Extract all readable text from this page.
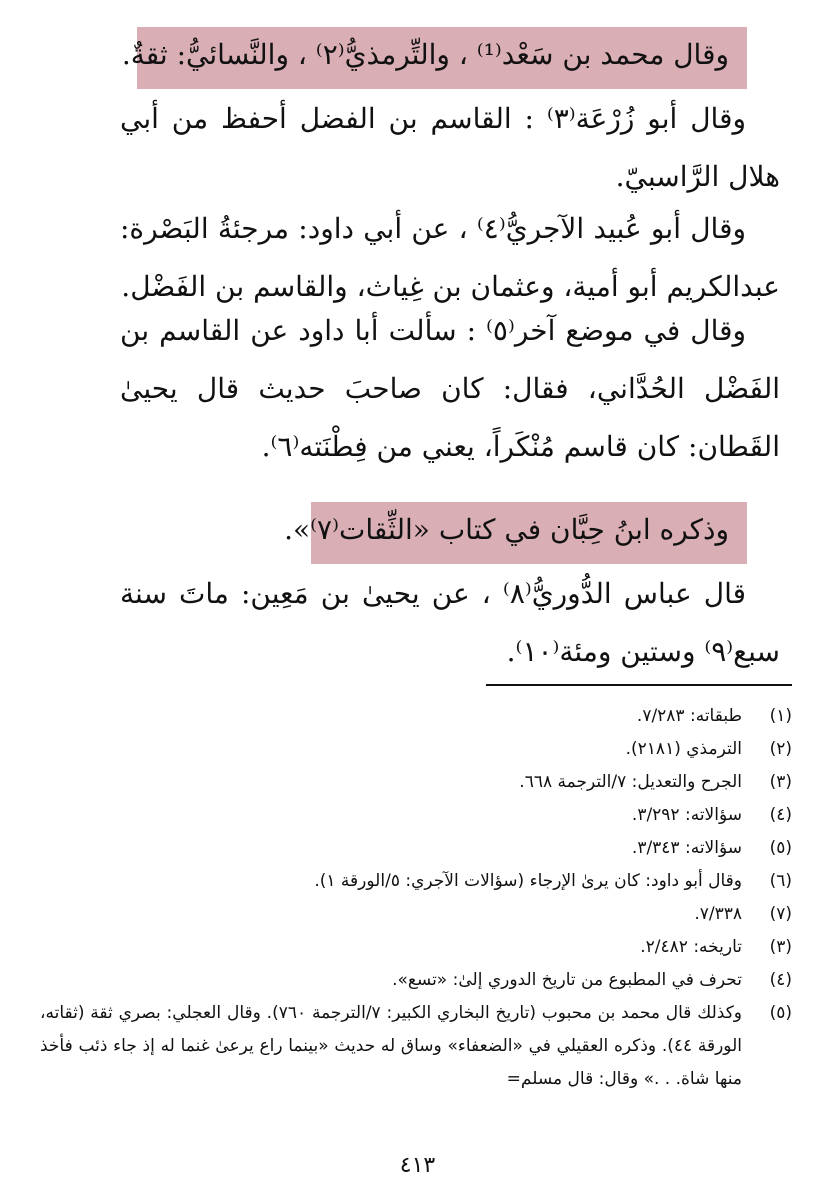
وقال محمد بن سَعْد⁽¹⁾ ، والتِّرمذيُّ⁽٢⁾ ، والنَّسائيُّ: ثقةٌ.
وقال أبو زُرْعَة⁽٣⁾ : القاسم بن الفضل أحفظ من أبي هلال الرَّاسبيّ.
وقال أبو عُبيد الآجريُّ⁽٤⁾ ، عن أبي داود: مرجئةُ البَصْرة: عبدالكريم أبو أمية، وعثمان بن غِياث، والقاسم بن الفَضْل.
وقال في موضع آخر⁽٥⁾ : سألت أبا داود عن القاسم بن الفَضْل الحُدَّاني، فقال: كان صاحبَ حديث قال يحيىٰ القَطان: كان قاسم مُنْكَراً، يعني من فِطْنَته⁽٦⁾.
وذكره ابنُ حِبَّان في كتاب «الثِّقات⁽٧⁾».
قال عباس الدُّوريُّ⁽٨⁾ ، عن يحيىٰ بن مَعِين: ماتَ سنة سبع⁽٩⁾ وستين ومئة⁽١٠⁾.
(١)
طبقاته: ٧/٢٨٣.
(٢)
الترمذي (٢١٨١).
(٣)
الجرح والتعديل: ٧/الترجمة ٦٦٨.
(٤)
سؤالاته: ٣/٢٩٢.
(٥)
سؤالاته: ٣/٣٤٣.
(٦)
وقال أبو داود: كان يرىٰ الإرجاء (سؤالات الآجري: ٥/الورقة ١).
(٧)
٧/٣٣٨.
(٣)
تاريخه: ٢/٤٨٢.
(٤)
تحرف في المطبوع من تاريخ الدوري إلىٰ: «تسع».
(٥)
وكذلك قال محمد بن محبوب (تاريخ البخاري الكبير: ٧/الترجمة ٧٦٠). وقال العجلي: بصري ثقة (ثقاته، الورقة ٤٤). وذكره العقيلي في «الضعفاء» وساق له حديث «بينما راع يرعىٰ غنما له إذ جاء ذئب فأخذ منها شاة. . .» وقال: قال مسلم=
٤١٣
